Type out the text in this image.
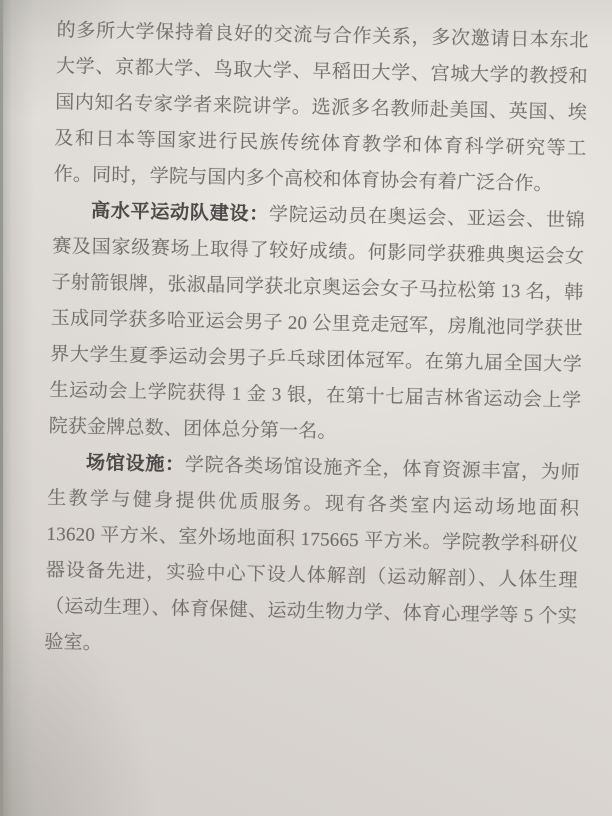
的多所大学保持着良好的交流与合作关系，多次邀请日本东北大学、京都大学、鸟取大学、早稻田大学、宫城大学的教授和国内知名专家学者来院讲学。选派多名教师赴美国、英国、埃及和日本等国家进行民族传统体育教学和体育科学研究等工作。同时，学院与国内多个高校和体育协会有着广泛合作。

高水平运动队建设：学院运动员在奥运会、亚运会、世锦赛及国家级赛场上取得了较好成绩。何影同学获雅典奥运会女子射箭银牌，张淑晶同学获北京奥运会女子马拉松第 13 名，韩玉成同学获多哈亚运会男子 20 公里竞走冠军，房胤池同学获世界大学生夏季运动会男子乒乓球团体冠军。在第九届全国大学生运动会上学院获得 1 金 3 银，在第十七届吉林省运动会上学院获金牌总数、团体总分第一名。

场馆设施：学院各类场馆设施齐全，体育资源丰富，为师生教学与健身提供优质服务。现有各类室内运动场地面积 13620 平方米、室外场地面积 175665 平方米。学院教学科研仪器设备先进，实验中心下设人体解剖（运动解剖）、人体生理（运动生理）、体育保健、运动生物力学、体育心理学等 5 个实验室。
